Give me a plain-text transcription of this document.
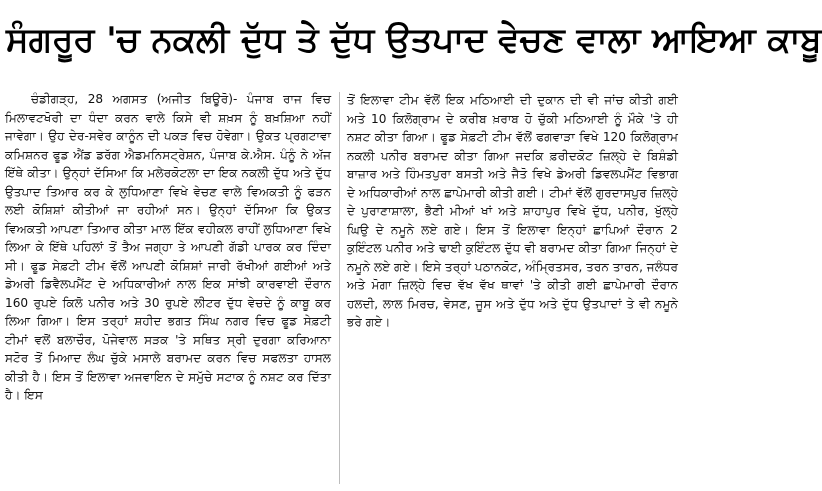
ਸੰਗਰੂਰ 'ਚ ਨਕਲੀ ਦੁੱਧ ਤੇ ਦੁੱਧ ਉਤਪਾਦ ਵੇਚਣ ਵਾਲਾ ਆਇਆ ਕਾਬੂ

ਚੰਡੀਗੜ੍ਹ, 28 ਅਗਸਤ (ਅਜੀਤ ਬਿਊਰੋ)- ਪੰਜਾਬ ਰਾਜ ਵਿਚ ਮਿਲਾਵਟਖੋਰੀ ਦਾ ਧੰਦਾ ਕਰਨ ਵਾਲੇ ਕਿਸੇ ਵੀ ਸ਼ਖ਼ਸ ਨੂੰ ਬਖ਼ਸ਼ਿਆ ਨਹੀਂ ਜਾਵੇਗਾ। ਉਹ ਦੇਰ-ਸਵੇਰ ਕਾਨੂੰਨ ਦੀ ਪਕੜ ਵਿਚ ਹੋਵੇਗਾ। ਉਕਤ ਪ੍ਰਗਟਾਵਾ ਕਮਿਸ਼ਨਰ ਫੂਡ ਐਂਡ ਡਰੱਗ ਐਡਮਨਿਸਟ੍ਰੇਸ਼ਨ, ਪੰਜਾਬ ਕੇ.ਐਸ. ਪੰਨੂੰ ਨੇ ਅੱਜ ਇੱਥੇ ਕੀਤਾ। ਉਨ੍ਹਾਂ ਦੱਸਿਆ ਕਿ ਮਲੇਰਕੋਟਲਾ ਦਾ ਇਕ ਨਕਲੀ ਦੁੱਧ ਅਤੇ ਦੁੱਧ ਉਤਪਾਦ ਤਿਆਰ ਕਰ ਕੇ ਲੁਧਿਆਣਾ ਵਿਖੇ ਵੇਚਣ ਵਾਲੇ ਵਿਅਕਤੀ ਨੂੰ ਫੜਨ ਲਈ ਕੋਸ਼ਿਸ਼ਾਂ ਕੀਤੀਆਂ ਜਾ ਰਹੀਆਂ ਸਨ। ਉਨ੍ਹਾਂ ਦੱਸਿਆ ਕਿ ਉਕਤ ਵਿਅਕਤੀ ਆਪਣਾ ਤਿਆਰ ਕੀਤਾ ਮਾਲ ਇੱਕ ਵਹੀਕਲ ਰਾਹੀਂ ਲੁਧਿਆਣਾ ਵਿਖੇ ਲਿਆ ਕੇ ਇੱਥੇ ਪਹਿਲਾਂ ਤੋਂ ਤੈਅ ਜਗ੍ਹਾ ਤੇ ਆਪਣੀ ਗੱਡੀ ਪਾਰਕ ਕਰ ਦਿੰਦਾ ਸੀ। ਫੂਡ ਸੇਫ਼ਟੀ ਟੀਮ ਵੱਲੋਂ ਆਪਣੀ ਕੋਸ਼ਿਸ਼ਾਂ ਜਾਰੀ ਰੱਖੀਆਂ ਗਈਆਂ ਅਤੇ ਡੇਅਰੀ ਡਿਵੈਲਪਮੈਂਟ ਦੇ ਅਧਿਕਾਰੀਆਂ ਨਾਲ ਇਕ ਸਾਂਝੀ ਕਾਰਵਾਈ ਦੌਰਾਨ 160 ਰੁਪਏ ਕਿਲੋ ਪਨੀਰ ਅਤੇ 30 ਰੁਪਏ ਲੀਟਰ ਦੁੱਧ ਵੇਚਦੇ ਨੂੰ ਕਾਬੂ ਕਰ ਲਿਆ ਗਿਆ। ਇਸ ਤਰ੍ਹਾਂ ਸ਼ਹੀਦ ਭਗਤ ਸਿੰਘ ਨਗਰ ਵਿਚ ਫੂਡ ਸੇਫ਼ਟੀ ਟੀਮਾਂ ਵਲੋਂ ਬਲਾਚੌਰ, ਪੋਜੇਵਾਲ ਸੜਕ 'ਤੇ ਸਥਿਤ ਸ੍ਰੀ ਦੁਰਗਾ ਕਰਿਆਨਾ ਸਟੋਰ ਤੋਂ ਮਿਆਦ ਲੰਘ ਚੁੱਕੇ ਮਸਾਲੇ ਬਰਾਮਦ ਕਰਨ ਵਿਚ ਸਫਲਤਾ ਹਾਸਲ ਕੀਤੀ ਹੈ। ਇਸ ਤੋਂ ਇਲਾਵਾ ਅਜਵਾਇਨ ਦੇ ਸਮੁੱਚੇ ਸਟਾਕ ਨੂੰ ਨਸ਼ਟ ਕਰ ਦਿੱਤਾ ਹੈ। ਇਸ

ਤੋਂ ਇਲਾਵਾ ਟੀਮ ਵੱਲੋਂ ਇਕ ਮਠਿਆਈ ਦੀ ਦੁਕਾਨ ਦੀ ਵੀ ਜਾਂਚ ਕੀਤੀ ਗਈ ਅਤੇ 10 ਕਿਲੋਗ੍ਰਾਮ ਦੇ ਕਰੀਬ ਖ਼ਰਾਬ ਹੋ ਚੁੱਕੀ ਮਠਿਆਈ ਨੂੰ ਮੌਕੇ 'ਤੇ ਹੀ ਨਸ਼ਟ ਕੀਤਾ ਗਿਆ। ਫੂਡ ਸੇਫ਼ਟੀ ਟੀਮ ਵੱਲੋਂ ਫਗਵਾੜਾ ਵਿਖੇ 120 ਕਿਲੋਗ੍ਰਾਮ ਨਕਲੀ ਪਨੀਰ ਬਰਾਮਦ ਕੀਤਾ ਗਿਆ ਜਦਕਿ ਫ਼ਰੀਦਕੋਟ ਜ਼ਿਲ੍ਹੇ ਦੇ ਬਿਸ਼ੰਡੀ ਬਾਜ਼ਾਰ ਅਤੇ ਹਿੰਮਤਪੁਰਾ ਬਸਤੀ ਅਤੇ ਜੈਤੋ ਵਿਖੇ ਡੇਅਰੀ ਡਿਵਲਪਮੈਂਟ ਵਿਭਾਗ ਦੇ ਅਧਿਕਾਰੀਆਂ ਨਾਲ ਛਾਪੇਮਾਰੀ ਕੀਤੀ ਗਈ। ਟੀਮਾਂ ਵੱਲੋਂ ਗੁਰਦਾਸਪੁਰ ਜ਼ਿਲ੍ਹੇ ਦੇ ਪੁਰਾਣਾਸ਼ਾਲਾ, ਭੈਣੀ ਮੀਆਂ ਖਾਂ ਅਤੇ ਸ਼ਾਹਾਪੁਰ ਵਿਖੇ ਦੁੱਧ, ਪਨੀਰ, ਖੁੱਲ੍ਹੇ ਘਿਉ ਦੇ ਨਮੂਨੇ ਲਏ ਗਏ। ਇਸ ਤੋਂ ਇਲਾਵਾ ਇਨ੍ਹਾਂ ਛਾਪਿਆਂ ਦੌਰਾਨ 2 ਕੁਇੰਟਲ ਪਨੀਰ ਅਤੇ ਢਾਈ ਕੁਇੰਟਲ ਦੁੱਧ ਵੀ ਬਰਾਮਦ ਕੀਤਾ ਗਿਆ ਜਿਨ੍ਹਾਂ ਦੇ ਨਮੂਨੇ ਲਏ ਗਏ। ਇਸੇ ਤਰ੍ਹਾਂ ਪਠਾਨਕੋਟ, ਅੰਮ੍ਰਿਤਸਰ, ਤਰਨ ਤਾਰਨ, ਜਲੰਧਰ ਅਤੇ ਮੋਗਾ ਜ਼ਿਲ੍ਹੇ ਵਿਚ ਵੱਖ ਵੱਖ ਥਾਵਾਂ 'ਤੇ ਕੀਤੀ ਗਈ ਛਾਪੇਮਾਰੀ ਦੌਰਾਨ ਹਲਦੀ, ਲਾਲ ਮਿਰਚ, ਵੇਸਣ, ਜੂਸ ਅਤੇ ਦੁੱਧ ਅਤੇ ਦੁੱਧ ਉਤਪਾਦਾਂ ਤੇ ਵੀ ਨਮੂਨੇ ਭਰੇ ਗਏ।
